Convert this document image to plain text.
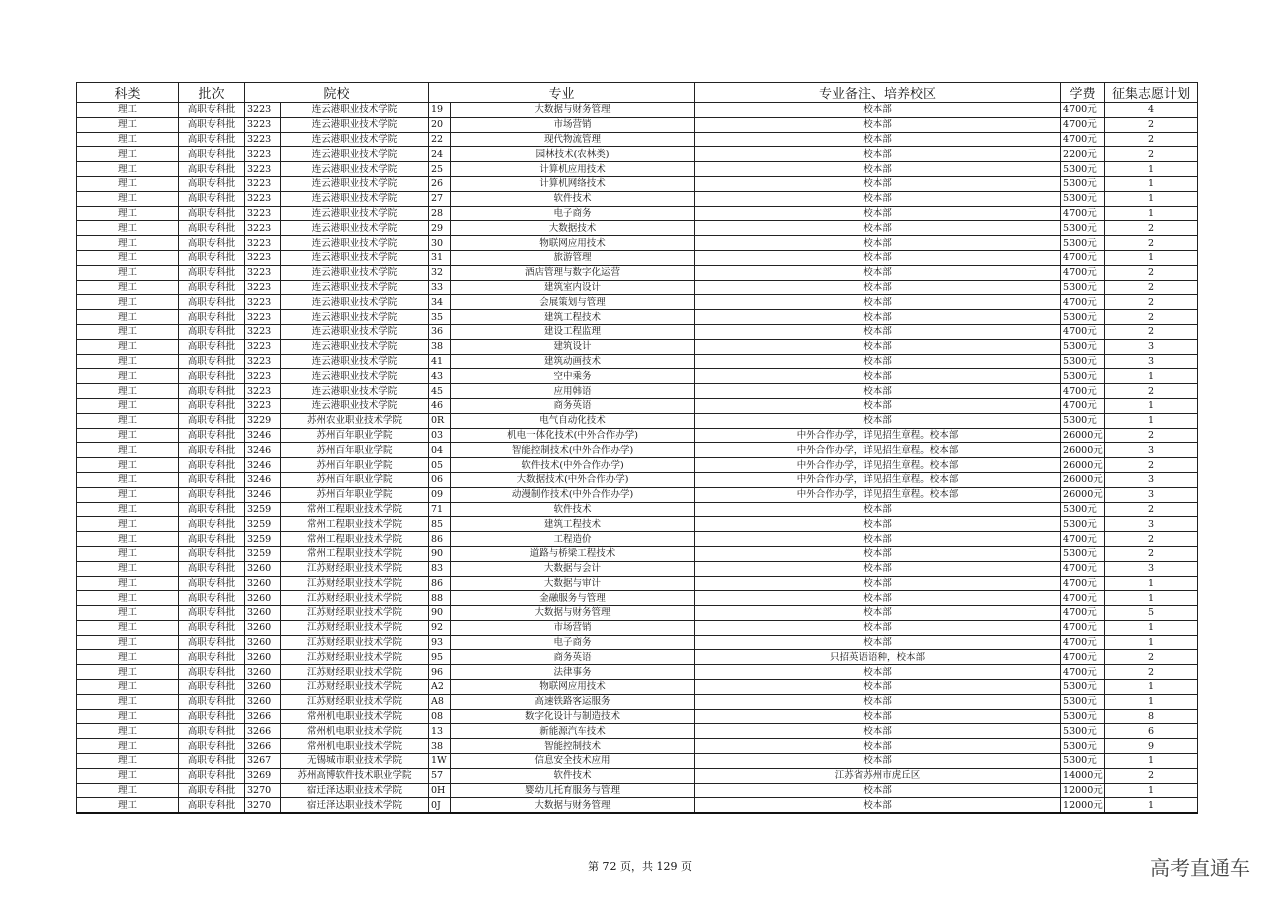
科类	批次	院校		专业		专业备注、培养校区	学费	征集志愿计划
理工	高职专科批	3223	连云港职业技术学院	19	大数据与财务管理	校本部	4700元	4
理工	高职专科批	3223	连云港职业技术学院	20	市场营销	校本部	4700元	2
理工	高职专科批	3223	连云港职业技术学院	22	现代物流管理	校本部	4700元	2
理工	高职专科批	3223	连云港职业技术学院	24	园林技术(农林类)	校本部	2200元	2
理工	高职专科批	3223	连云港职业技术学院	25	计算机应用技术	校本部	5300元	1
理工	高职专科批	3223	连云港职业技术学院	26	计算机网络技术	校本部	5300元	1
理工	高职专科批	3223	连云港职业技术学院	27	软件技术	校本部	5300元	1
理工	高职专科批	3223	连云港职业技术学院	28	电子商务	校本部	4700元	1
理工	高职专科批	3223	连云港职业技术学院	29	大数据技术	校本部	5300元	2
理工	高职专科批	3223	连云港职业技术学院	30	物联网应用技术	校本部	5300元	2
理工	高职专科批	3223	连云港职业技术学院	31	旅游管理	校本部	4700元	1
理工	高职专科批	3223	连云港职业技术学院	32	酒店管理与数字化运营	校本部	4700元	2
理工	高职专科批	3223	连云港职业技术学院	33	建筑室内设计	校本部	5300元	2
理工	高职专科批	3223	连云港职业技术学院	34	会展策划与管理	校本部	4700元	2
理工	高职专科批	3223	连云港职业技术学院	35	建筑工程技术	校本部	5300元	2
理工	高职专科批	3223	连云港职业技术学院	36	建设工程监理	校本部	4700元	2
理工	高职专科批	3223	连云港职业技术学院	38	建筑设计	校本部	5300元	3
理工	高职专科批	3223	连云港职业技术学院	41	建筑动画技术	校本部	5300元	3
理工	高职专科批	3223	连云港职业技术学院	43	空中乘务	校本部	5300元	1
理工	高职专科批	3223	连云港职业技术学院	45	应用韩语	校本部	4700元	2
理工	高职专科批	3223	连云港职业技术学院	46	商务英语	校本部	4700元	1
理工	高职专科批	3229	苏州农业职业技术学院	0R	电气自动化技术	校本部	5300元	1
理工	高职专科批	3246	苏州百年职业学院	03	机电一体化技术(中外合作办学)	中外合作办学，详见招生章程。校本部	26000元	2
理工	高职专科批	3246	苏州百年职业学院	04	智能控制技术(中外合作办学)	中外合作办学，详见招生章程。校本部	26000元	3
理工	高职专科批	3246	苏州百年职业学院	05	软件技术(中外合作办学)	中外合作办学，详见招生章程。校本部	26000元	2
理工	高职专科批	3246	苏州百年职业学院	06	大数据技术(中外合作办学)	中外合作办学，详见招生章程。校本部	26000元	3
理工	高职专科批	3246	苏州百年职业学院	09	动漫制作技术(中外合作办学)	中外合作办学，详见招生章程。校本部	26000元	3
理工	高职专科批	3259	常州工程职业技术学院	71	软件技术	校本部	5300元	2
理工	高职专科批	3259	常州工程职业技术学院	85	建筑工程技术	校本部	5300元	3
理工	高职专科批	3259	常州工程职业技术学院	86	工程造价	校本部	4700元	2
理工	高职专科批	3259	常州工程职业技术学院	90	道路与桥梁工程技术	校本部	5300元	2
理工	高职专科批	3260	江苏财经职业技术学院	83	大数据与会计	校本部	4700元	3
理工	高职专科批	3260	江苏财经职业技术学院	86	大数据与审计	校本部	4700元	1
理工	高职专科批	3260	江苏财经职业技术学院	88	金融服务与管理	校本部	4700元	1
理工	高职专科批	3260	江苏财经职业技术学院	90	大数据与财务管理	校本部	4700元	5
理工	高职专科批	3260	江苏财经职业技术学院	92	市场营销	校本部	4700元	1
理工	高职专科批	3260	江苏财经职业技术学院	93	电子商务	校本部	4700元	1
理工	高职专科批	3260	江苏财经职业技术学院	95	商务英语	只招英语语种，校本部	4700元	2
理工	高职专科批	3260	江苏财经职业技术学院	96	法律事务	校本部	4700元	2
理工	高职专科批	3260	江苏财经职业技术学院	A2	物联网应用技术	校本部	5300元	1
理工	高职专科批	3260	江苏财经职业技术学院	A8	高速铁路客运服务	校本部	5300元	1
理工	高职专科批	3266	常州机电职业技术学院	08	数字化设计与制造技术	校本部	5300元	8
理工	高职专科批	3266	常州机电职业技术学院	13	新能源汽车技术	校本部	5300元	6
理工	高职专科批	3266	常州机电职业技术学院	38	智能控制技术	校本部	5300元	9
理工	高职专科批	3267	无锡城市职业技术学院	1W	信息安全技术应用	校本部	5300元	1
理工	高职专科批	3269	苏州高博软件技术职业学院	57	软件技术	江苏省苏州市虎丘区	14000元	2
理工	高职专科批	3270	宿迁泽达职业技术学院	0H	婴幼儿托育服务与管理	校本部	12000元	1
理工	高职专科批	3270	宿迁泽达职业技术学院	0J	大数据与财务管理	校本部	12000元	1
第 72 页，共 129 页	高考直通车
